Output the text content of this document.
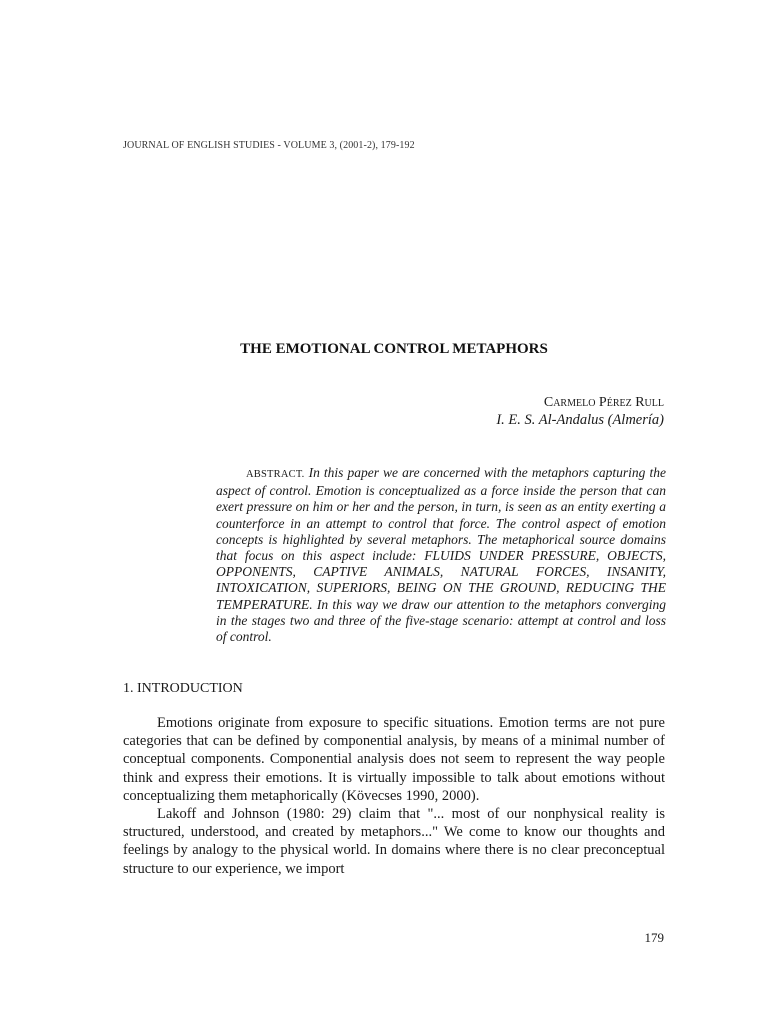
JOURNAL OF ENGLISH STUDIES - VOLUME 3, (2001-2), 179-192
THE EMOTIONAL CONTROL METAPHORS
Carmelo Pérez Rull
I. E. S. Al-Andalus (Almería)
ABSTRACT. In this paper we are concerned with the metaphors capturing the aspect of control. Emotion is conceptualized as a force inside the person that can exert pressure on him or her and the person, in turn, is seen as an entity exerting a counterforce in an attempt to control that force. The control aspect of emotion concepts is highlighted by several metaphors. The metaphorical source domains that focus on this aspect include: FLUIDS UNDER PRESSURE, OBJECTS, OPPONENTS, CAPTIVE ANIMALS, NATURAL FORCES, INSANITY, INTOXICATION, SUPERIORS, BEING ON THE GROUND, REDUCING THE TEMPERATURE. In this way we draw our attention to the metaphors converging in the stages two and three of the five-stage scenario: attempt at control and loss of control.
1. INTRODUCTION

Emotions originate from exposure to specific situations. Emotion terms are not pure categories that can be defined by componential analysis, by means of a minimal number of conceptual components. Componential analysis does not seem to represent the way people think and express their emotions. It is virtually impossible to talk about emotions without conceptualizing them metaphorically (Kövecses 1990, 2000).

Lakoff and Johnson (1980: 29) claim that "... most of our nonphysical reality is structured, understood, and created by metaphors..." We come to know our thoughts and feelings by analogy to the physical world. In domains where there is no clear preconceptual structure to our experience, we import

179
